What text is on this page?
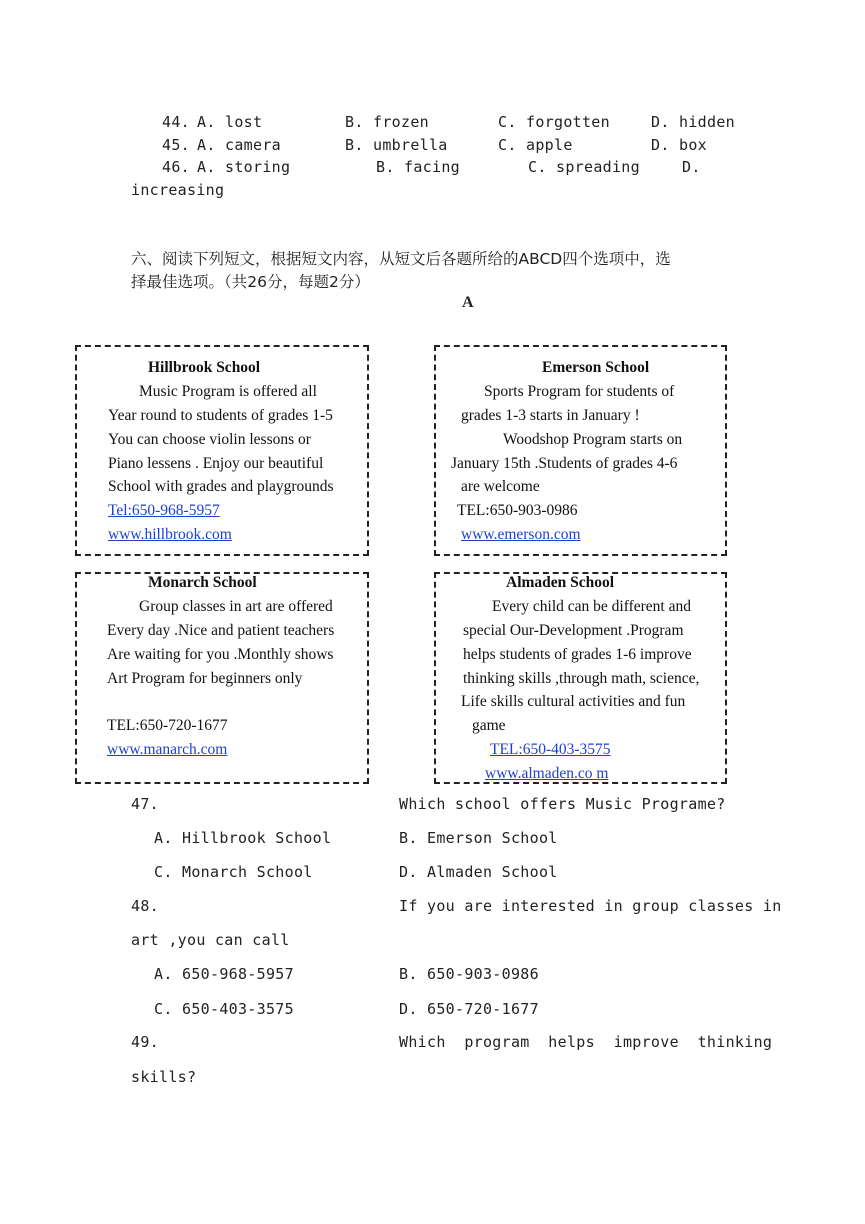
44. A. lost	B. frozen	C. forgotten	D. hidden
45. A. camera	B. umbrella	C. apple	D. box
46. A. storing	B. facing	C. spreading	D.
increasing
六、阅读下列短文，根据短文内容，从短文后各题所给的ABCD四个选项中，选
择最佳选项。（共26分，每题2分）
A
Hillbrook School
Music Program is offered all
Year round to students of grades 1-5
You can choose violin lessons or
Piano lessens . Enjoy our beautiful
School with grades and playgrounds
Tel:650-968-5957
www.hillbrook.com
Emerson School
Sports Program for students of
grades 1-3 starts in January !
Woodshop Program starts on
January 15th .Students of grades 4-6
are welcome
TEL:650-903-0986
www.emerson.com
Monarch School
Group classes in art are offered
Every day .Nice and patient teachers
Are waiting for you .Monthly shows
Art Program for beginners only
TEL:650-720-1677
www.manarch.com
Almaden School
Every child can be different and
special Our-Development .Program
helps students of grades 1-6 improve
thinking skills ,through math, science,
Life skills cultural activities and fun
game
TEL:650-403-3575
www.almaden.co m
47.	Which school offers Music Programe?
A. Hillbrook School	B. Emerson School
C. Monarch School	D. Almaden School
48.	If you are interested in group classes in
art ,you can call
A. 650-968-5957	B. 650-903-0986
C. 650-403-3575	D. 650-720-1677
49.	Which  program  helps  improve  thinking
skills?
